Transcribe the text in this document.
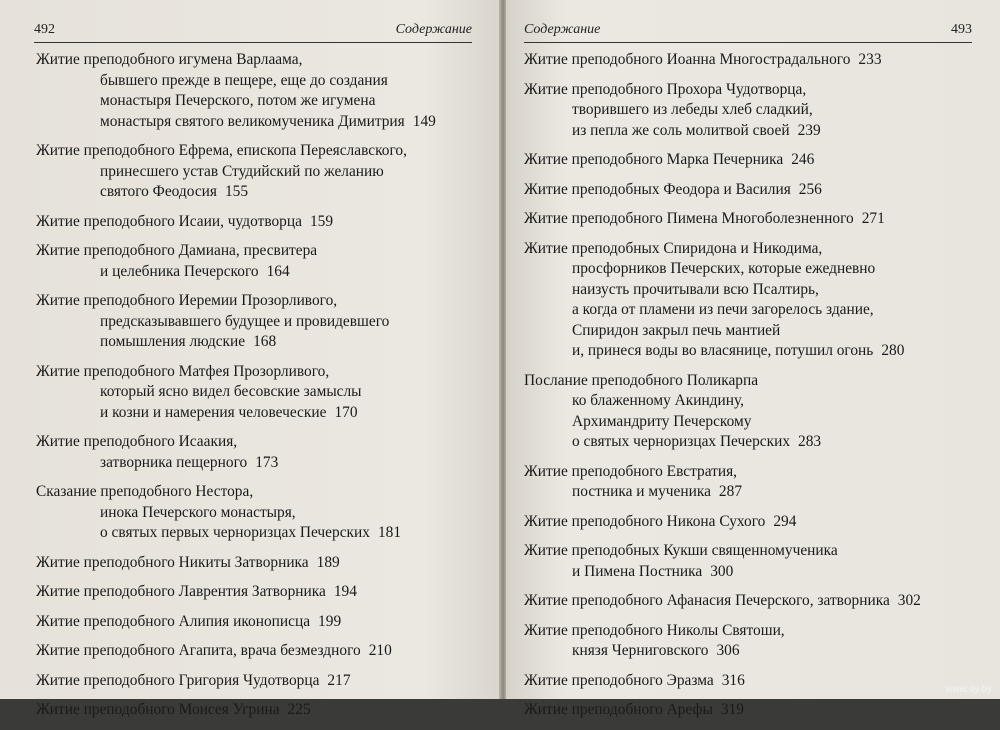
492	Содержание
Житие преподобного игумена Варлаама,
бывшего прежде в пещере, еще до создания
монастыря Печерского, потом же игумена
монастыря святого великомученика Димитрия 149
Житие преподобного Ефрема, епископа Переяславского,
принесшего устав Студийский по желанию
святого Феодосия 155
Житие преподобного Исаии, чудотворца 159
Житие преподобного Дамиана, пресвитера
и целебника Печерского 164
Житие преподобного Иеремии Прозорливого,
предсказывавшего будущее и провидевшего
помышления людские 168
Житие преподобного Матфея Прозорливого,
который ясно видел бесовские замыслы
и козни и намерения человеческие 170
Житие преподобного Исаакия,
затворника пещерного 173
Сказание преподобного Нестора,
инока Печерского монастыря,
о святых первых черноризцах Печерских 181
Житие преподобного Никиты Затворника 189
Житие преподобного Лаврентия Затворника 194
Житие преподобного Алипия иконописца 199
Житие преподобного Агапита, врача безмездного 210
Житие преподобного Григория Чудотворца 217
Житие преподобного Моисея Угрина 225
Содержание	493
Житие преподобного Иоанна Многострадального 233
Житие преподобного Прохора Чудотворца,
творившего из лебеды хлеб сладкий,
из пепла же соль молитвой своей 239
Житие преподобного Марка Печерника 246
Житие преподобных Феодора и Василия 256
Житие преподобного Пимена Многоболезненного 271
Житие преподобных Спиридона и Никодима,
просфорников Печерских, которые ежедневно
наизусть прочитывали всю Псалтирь,
а когда от пламени из печи загорелось здание,
Спиридон закрыл печь мантией
и, принеся воды во власянице, потушил огонь 280
Послание преподобного Поликарпа
ко блаженному Акиндину,
Архимандриту Печерскому
о святых черноризцах Печерских 283
Житие преподобного Евстратия,
постника и мученика 287
Житие преподобного Никона Сухого 294
Житие преподобных Кукши священномученика
и Пимена Постника 300
Житие преподобного Афанасия Печерского, затворника 302
Житие преподобного Николы Святоши,
князя Черниговского 306
Житие преподобного Эразма 316
Житие преподобного Арефы 319
www.ay.by
